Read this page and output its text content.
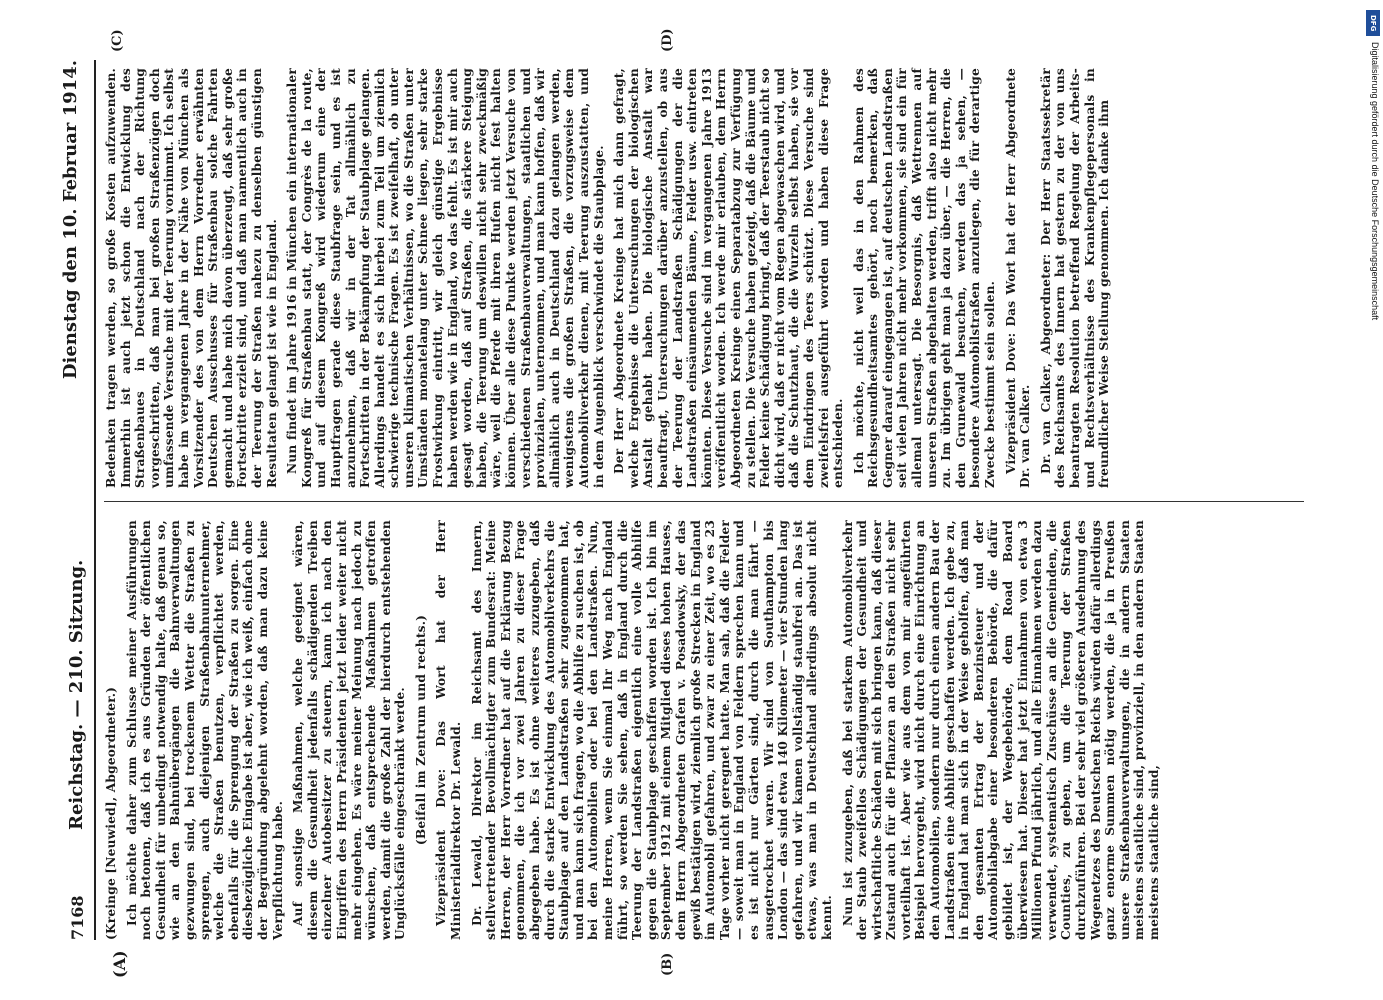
7168
Reichstag. — 210. Sitzung.
Dienstag den 10. Februar 1914.
(A)	(B)
(C)	(D)

(Kreinge [Neuwied], Abgeordneter.) Ich möchte daher zum Schlusse meiner Ausführungen noch betonen, daß ich es aus Gründen der öffentlichen Gesundheit für unbedingt notwendig halte, daß genau so, wie an den Bahnübergängen die Bahnverwaltungen gezwungen sind, bei trockenem Wetter die Straßen zu sprengen, auch diejenigen Straßenbahnunternehmer, welche die Straßen benutzen, verpflichtet werden, ebenfalls für die Sprengung der Straßen zu sorgen. Eine diesbezügliche Eingabe ist aber, wie ich weiß, einfach ohne der Begründung abgelehnt worden, daß man dazu keine Verpflichtung habe. Auf sonstige Maßnahmen, welche geeignet wären, diesem die Gesundheit jedenfalls schädigenden Treiben einzelner Autobesitzer zu steuern, kann ich nach den Eingriffen des Herrn Präsidenten jetzt leider weiter nicht mehr eingehen. Es wäre meiner Meinung nach jedoch zu wünschen, daß entsprechende Maßnahmen getroffen werden, damit die große Zahl der hierdurch entstehenden Unglücksfälle eingeschränkt werde. (Beifall im Zentrum und rechts.) Vizepräsident Dove: Das Wort hat der Herr Ministerialdirektor Dr. Lewald. Dr. Lewald, Direktor im Reichsamt des Innern, stellvertretender Bevollmächtigter zum Bundesrat: Meine Herren, der Herr Vorredner hat auf die Erklärung Bezug genommen, die ich vor zwei Jahren zu dieser Frage abgegeben habe. Es ist ohne weiteres zuzugeben, daß durch die starke Entwicklung des Automobilverkehrs die Staubplage auf den Landstraßen sehr zugenommen hat, und man kann sich fragen, wo die Abhilfe zu suchen ist, ob bei den Automobilen oder bei den Landstraßen. Nun, meine Herren, wenn Sie einmal Ihr Weg nach England führt, so werden Sie sehen, daß in England durch die Teerung der Landstraßen eigentlich eine volle Abhilfe gegen die Staubplage geschaffen worden ist. Ich bin im September 1912 mit einem Mitglied dieses hohen Hauses, dem Herrn Abgeordneten Grafen v. Posadowsky, der das gewiß bestätigen wird, ziemlich große Strecken in England im Automobil gefahren, und zwar zu einer Zeit, wo es 23 Tage vorher nicht geregnet hatte. Man sah, daß die Felder — soweit man in England von Feldern sprechen kann und es ist nicht nur Gärten sind, durch die man fährt — ausgetrocknet waren. Wir sind von Southampton bis London — das sind etwa 140 Kilometer — vier Stunden lang gefahren, und wir kamen vollständig staubfrei an. Das ist etwas, was man in Deutschland allerdings absolut nicht kennt. Nun ist zuzugeben, daß bei starkem Automobilverkehr der Staub zweifellos Schädigungen der Gesundheit und wirtschaftliche Schäden mit sich bringen kann, daß dieser Zustand auch für die Pflanzen an den Straßen nicht sehr vorteilhaft ist. Aber wie aus dem von mir angeführten Beispiel hervorgeht, wird nicht durch eine Einrichtung an den Automobilen, sondern nur durch einen andern Bau der Landstraßen eine Abhilfe geschaffen werden. Ich gebe zu, in England hat man sich in der Weise geholfen, daß man den gesamten Ertrag der Benzinsteuer und der Automobilabgabe einer besonderen Behörde, die dafür gebildet ist, der Wegebehörde, dem Road Board überwiesen hat. Dieser hat jetzt Einnahmen von etwa 3 Millionen Pfund jährlich, und alle Einnahmen werden dazu verwendet, systematisch Zuschüsse an die Gemeinden, die Counties, zu geben, um die Teerung der Straßen durchzuführen. Bei der sehr viel größeren Ausdehnung des Wegenetzes des Deutschen Reichs würden dafür allerdings ganz enorme Summen nötig werden, die ja in Preußen unsere Straßenbauverwaltungen, die in andern Staaten meistens staatliche sind, provinziell, in den andern Staaten meistens staatliche sind,

Bedenken tragen werden, so große Kosten aufzuwenden. Immerhin ist auch jetzt schon die Entwicklung des Straßenbaues in Deutschland nach der Richtung vorgeschritten, daß man bei großen Straßenzügen doch umfassende Versuche mit der Teerung vornimmt. Ich selbst habe im vergangenen Jahre in der Nähe von München als Vorsitzender des von dem Herrn Vorredner erwähnten Deutschen Ausschusses für Straßenbau solche Fahrten gemacht und habe mich davon überzeugt, daß sehr große Fortschritte erzielt sind, und daß man namentlich auch in der Teerung der Straßen nahezu zu denselben günstigen Resultaten gelangt ist wie in England. Nun findet im Jahre 1916 in München ein internationaler Kongreß für Straßenbau statt, der Congrès de la route, und auf diesem Kongreß wird wiederum eine der Hauptfragen gerade diese Staubfrage sein, und es ist anzunehmen, daß wir in der Tat allmählich zu Fortschritten in der Bekämpfung der Staubplage gelangen. Allerdings handelt es sich hierbei zum Teil um ziemlich schwierige technische Fragen. Es ist zweifelhaft, ob unter unseren klimatischen Verhältnissen, wo die Straßen unter Umständen monatelang unter Schnee liegen, sehr starke Frostwirkung eintritt, wir gleich günstige Ergebnisse haben werden wie in England, wo das fehlt. Es ist mir auch gesagt worden, daß auf Straßen, die stärkere Steigung haben, die Teerung um deswillen nicht sehr zweckmäßig wäre, weil die Pferde mit ihren Hufen nicht fest halten können. Über alle diese Punkte werden jetzt Versuche von verschiedenen Straßenbauverwaltungen, staatlichen und provinzialen, unternommen, und man kann hoffen, daß wir allmählich auch in Deutschland dazu gelangen werden, wenigstens die großen Straßen, die vorzugsweise dem Automobilverkehr dienen, mit Teerung auszustatten, und in dem Augenblick verschwindet die Staubplage. Der Herr Abgeordnete Kreinge hat mich dann gefragt, welche Ergebnisse die Untersuchungen der biologischen Anstalt gehabt haben. Die biologische Anstalt war beauftragt, Untersuchungen darüber anzustellen, ob aus der Teerung der Landstraßen Schädigungen der die Landstraßen einsäumenden Bäume, Felder usw. eintreten könnten. Diese Versuche sind im vergangenen Jahre 1913 veröffentlicht worden. Ich werde mir erlauben, dem Herrn Abgeordneten Kreinge einen Separatabzug zur Verfügung zu stellen. Die Versuche haben gezeigt, daß die Bäume und Felder keine Schädigung bringt, daß der Teerstaub nicht so dicht wird, daß er nicht vom Regen abgewaschen wird, und daß die Schutzhaut, die die Wurzeln selbst haben, sie vor dem Eindringen des Teers schützt. Diese Versuche sind zweifelsfrei ausgeführt worden und haben diese Frage entschieden. Ich möchte, nicht weil das in den Rahmen des Reichsgesundheitsamtes gehört, noch bemerken, daß Gegner darauf eingegangen ist, auf deutschen Landstraßen seit vielen Jahren nicht mehr vorkommen, sie sind ein für allemal untersagt. Die Besorgnis, daß Wettrennen auf unseren Straßen abgehalten werden, trifft also nicht mehr zu. Im übrigen geht man ja dazu über, — die Herren, die den Grunewald besuchen, werden das ja sehen, — besondere Automobilstraßen anzulegen, die für derartige Zwecke bestimmt sein sollen. Vizepräsident Dove: Das Wort hat der Herr Abgeordnete Dr. van Calker. Dr. van Calker, Abgeordneter: Der Herr Staatssekretär des Reichsamts des Innern hat gestern zu der von uns beantragten Resolution betreffend Regelung der Arbeits- und Rechtsverhältnisse des Krankenpflegepersonals in freundlicher Weise Stellung genommen. Ich danke ihm

DFG
Digitalisierung gefördert durch die Deutsche Forschungsgemeinschaft
